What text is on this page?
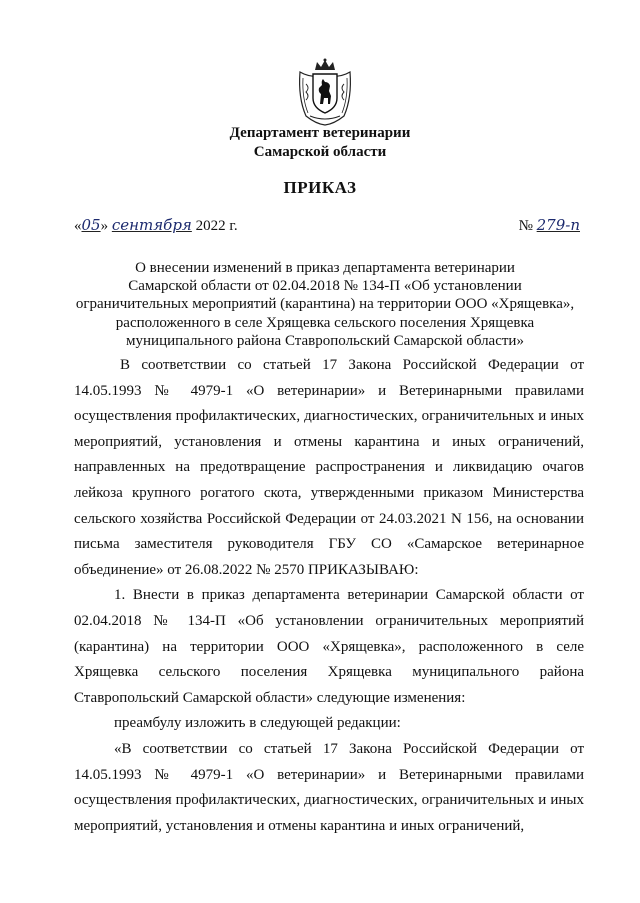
Департамент ветеринарии
Самарской области
ПРИКАЗ
«05» сентября 2022 г.	№ 279-п
О внесении изменений в приказ департамента ветеринарии
Самарской области от 02.04.2018 № 134-П «Об установлении
ограничительных мероприятий (карантина) на территории ООО «Хрящевка»,
расположенного в селе Хрящевка сельского поселения Хрящевка
муниципального района Ставропольский Самарской области»

В соответствии со статьей 17 Закона Российской Федерации от 14.05.1993 № 4979-1 «О ветеринарии» и Ветеринарными правилами осуществления профилактических, диагностических, ограничительных и иных мероприятий, установления и отмены карантина и иных ограничений, направленных на предотвращение распространения и ликвидацию очагов лейкоза крупного рогатого скота, утвержденными приказом Министерства сельского хозяйства Российской Федерации от 24.03.2021 N 156, на основании письма заместителя руководителя ГБУ СО «Самарское ветеринарное объединение» от 26.08.2022 № 2570 ПРИКАЗЫВАЮ:

1. Внести в приказ департамента ветеринарии Самарской области от 02.04.2018 № 134-П «Об установлении ограничительных мероприятий (карантина) на территории ООО «Хрящевка», расположенного в селе Хрящевка сельского поселения Хрящевка муниципального района Ставропольский Самарской области» следующие изменения:

преамбулу изложить в следующей редакции:

«В соответствии со статьей 17 Закона Российской Федерации от 14.05.1993 № 4979-1 «О ветеринарии» и Ветеринарными правилами осуществления профилактических, диагностических, ограничительных и иных мероприятий, установления и отмены карантина и иных ограничений,
